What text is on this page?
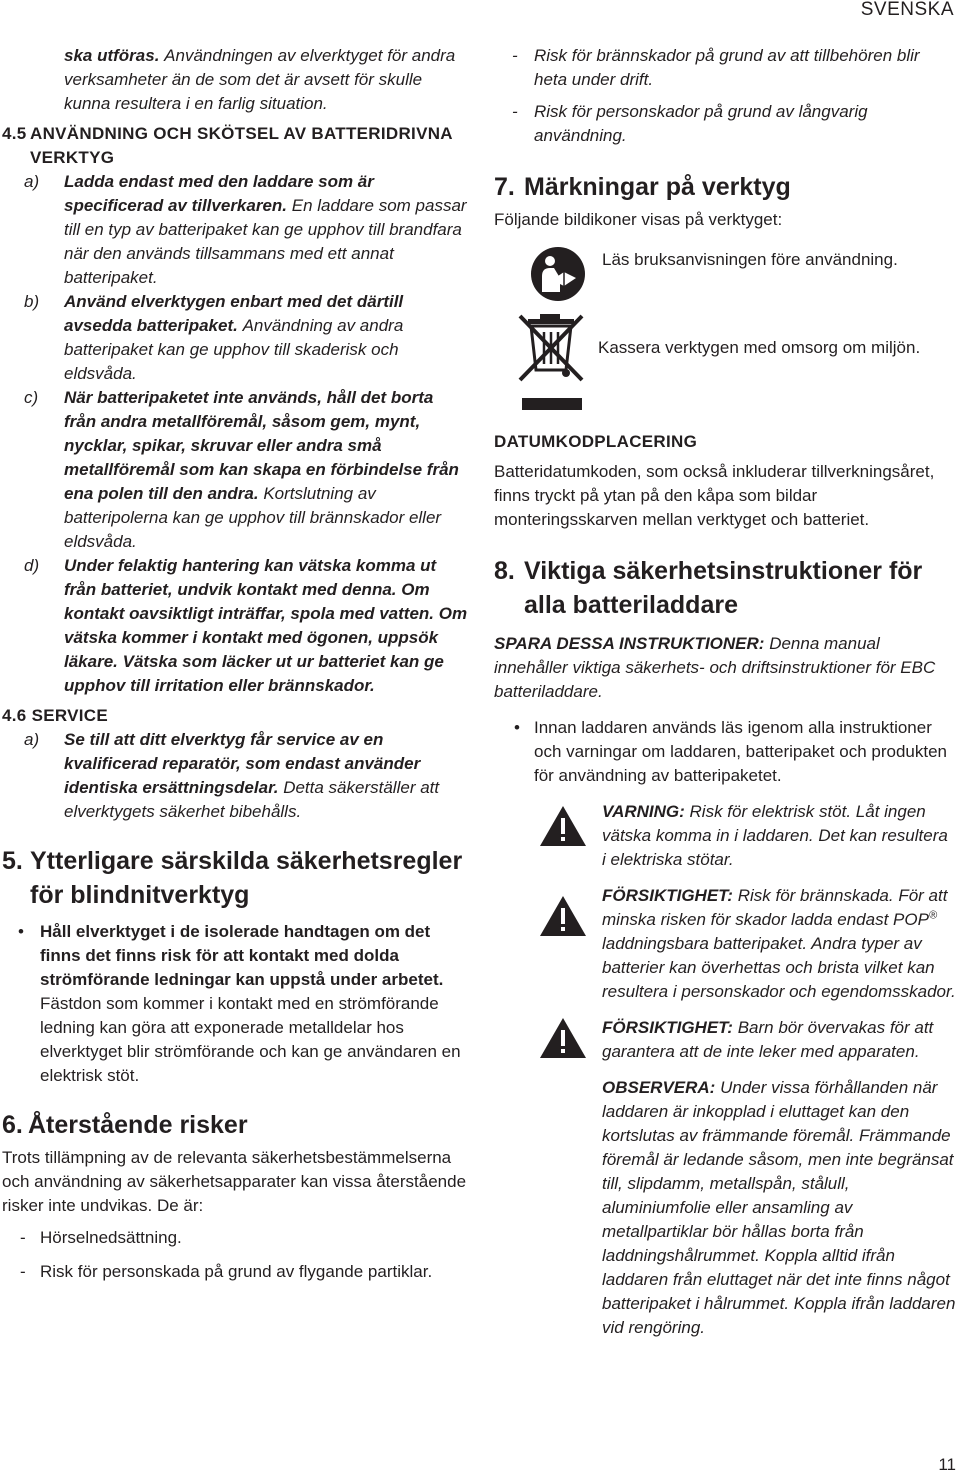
SVENSKA
ska utföras. Användningen av elverktyget för andra verksamheter än de som det är avsett för skulle kunna resultera i en farlig situation.
4.5 ANVÄNDNING OCH SKÖTSEL AV BATTERIDRIVNA VERKTYG
a) Ladda endast med den laddare som är specificerad av tillverkaren. En laddare som passar till en typ av batteripaket kan ge upphov till brandfara när den används tillsammans med ett annat batteripaket.
b) Använd elverktygen enbart med det därtill avsedda batteripaket. Användning av andra batteripaket kan ge upphov till skaderisk och eldsvåda.
c) När batteripaketet inte används, håll det borta från andra metallföremål, såsom gem, mynt, nycklar, spikar, skruvar eller andra små metallföremål som kan skapa en förbindelse från ena polen till den andra. Kortslutning av batteripolerna kan ge upphov till brännskador eller eldsvåda.
d) Under felaktig hantering kan vätska komma ut från batteriet, undvik kontakt med denna. Om kontakt oavsiktligt inträffar, spola med vatten. Om vätska kommer i kontakt med ögonen, uppsök läkare. Vätska som läcker ut ur batteriet kan ge upphov till irritation eller brännskador.
4.6 SERVICE
a) Se till att ditt elverktyg får service av en kvalificerad reparatör, som endast använder identiska ersättningsdelar. Detta säkerställer att elverktygets säkerhet bibehålls.
5. Ytterligare särskilda säkerhetsregler för blindnitverktyg
• Håll elverktyget i de isolerade handtagen om det finns det finns risk för att kontakt med dolda strömförande ledningar kan uppstå under arbetet. Fästdon som kommer i kontakt med en strömförande ledning kan göra att exponerade metalldelar hos elverktyget blir strömförande och kan ge användaren en elektrisk stöt.
6. Återstående risker

Trots tillämpning av de relevanta säkerhetsbestämmelserna och användning av säkerhetsapparater kan vissa återstående risker inte undvikas. De är:

- Hörselnedsättning.
- Risk för personskada på grund av flygande partiklar.
- Risk för brännskador på grund av att tillbehören blir heta under drift.
- Risk för personskador på grund av långvarig användning.
7. Märkningar på verktyg

Följande bildikoner visas på verktyget:

Läs bruksanvisningen före användning.
Kassera verktygen med omsorg om miljön.
DATUMKODPLACERING

Batteridatumkoden, som också inkluderar tillverkningsåret, finns tryckt på ytan på den kåpa som bildar monteringsskarven mellan verktyget och batteriet.

8. Viktiga säkerhetsinstruktioner för alla batteriladdare

SPARA DESSA INSTRUKTIONER: Denna manual innehåller viktiga säkerhets- och driftsinstruktioner för EBC batteriladdare.

• Innan laddaren används läs igenom alla instruktioner och varningar om laddaren, batteripaket och produkten för användning av batteripaketet.
VARNING: Risk för elektrisk stöt. Låt ingen vätska komma in i laddaren. Det kan resultera i elektriska stötar.
FÖRSIKTIGHET: Risk för brännskada. För att minska risken för skador ladda endast POP® laddningsbara batteripaket. Andra typer av batterier kan överhettas och brista vilket kan resultera i personskador och egendomsskador.
FÖRSIKTIGHET: Barn bör övervakas för att garantera att de inte leker med apparaten.
OBSERVERA: Under vissa förhållanden när laddaren är inkopplad i eluttaget kan den kortslutas av främmande föremål. Främmande föremål är ledande såsom, men inte begränsat till, slipdamm, metallspån, stålull, aluminiumfolie eller ansamling av metallpartiklar bör hållas borta från laddningshålrummet. Koppla alltid ifrån laddaren från eluttaget när det inte finns något batteripaket i hålrummet. Koppla ifrån laddaren vid rengöring.
11
